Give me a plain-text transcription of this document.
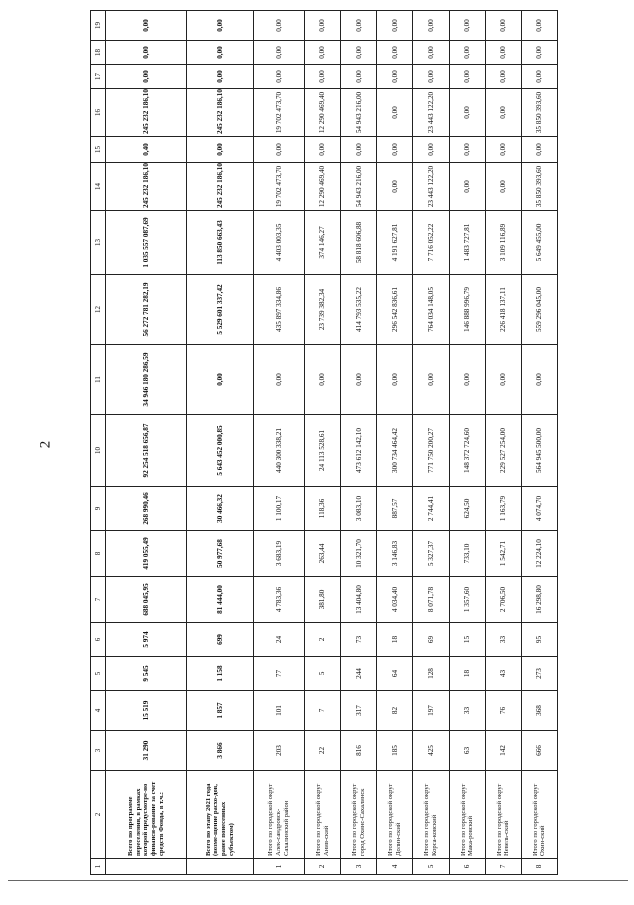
2
1	2	3	4	5	6	7	8	9	10	11	12	13	14	15	16	17	18	19
	Всего по программе переселения, в рамках которой предусмотре-но финанси-рование за счет средств Фонда, в т.ч.:	31 290	15 519	9 545	5 974	688 045,95	419 055,49	268 990,46	92 254 518 656,87	34 946 180 286,59	56 272 781 282,19	1 035 557 087,69	245 232 186,10	0,40	245 232 186,10	0,00	0,00	0,00
	Всего по этапу 2021 года (возме-щение расхо-дов, ранее понесенных субъектом)	3 866	1 857	1 158	699	81 444,00	50 977,68	30 466,32	5 643 452 000,85	0,00	5 529 601 337,42	113 850 663,43	245 232 186,10	0,00	245 232 186,10	0,00	0,00	0,00
1	Итого по городской округ Алек-сандровск-Сахалинский район	203	101	77	24	4 783,36	3 683,19	1 100,17	440 300 338,21	0,00	435 897 334,86	4 403 003,35	19 702 473,70	0,00	19 702 473,70	0,00	0,00	0,00
2	Итого по городской округ Анив-ский	22	7	5	2	381,80	263,44	118,36	24 113 528,61	0,00	23 739 382,34	374 146,27	12 290 469,40	0,00	12 290 469,40	0,00	0,00	0,00
3	Итого по городской округ город Охинс-Сахалинск	816	317	244	73	13 404,80	10 321,70	3 083,10	473 612 142,10	0,00	414 793 535,22	58 818 606,88	54 943 216,00	0,00	54 943 216,00	0,00	0,00	0,00
4	Итого по городской округ Долин-ский	185	82	64	18	4 034,40	3 146,83	887,57	300 734 464,42	0,00	296 542 836,61	4 191 627,81	0,00	0,00	0,00	0,00	0,00	0,00
5	Итого по городской округ Корса-ковский	425	197	128	69	8 071,78	5 327,37	2 744,41	771 750 200,27	0,00	764 034 148,05	7 716 052,22	23 443 122,20	0,00	23 443 122,20	0,00	0,00	0,00
6	Итого по городской округ Макa-ровский	63	33	18	15	1 357,60	733,10	624,50	148 372 724,60	0,00	146 888 996,79	1 483 727,81	0,00	0,00	0,00	0,00	0,00	0,00
7	Итого по городской округ Невель-ский	142	76	43	33	2 706,50	1 542,71	1 163,79	229 527 254,00	0,00	226 418 137,11	3 109 116,89	0,00	0,00	0,00	0,00	0,00	0,00
8	Итого по городской округ Охин-ский	666	368	273	95	16 298,80	12 224,10	4 074,70	564 945 500,00	0,00	559 296 045,00	5 649 455,00	35 850 393,60	0,00	35 850 393,60	0,00	0,00	0,00
